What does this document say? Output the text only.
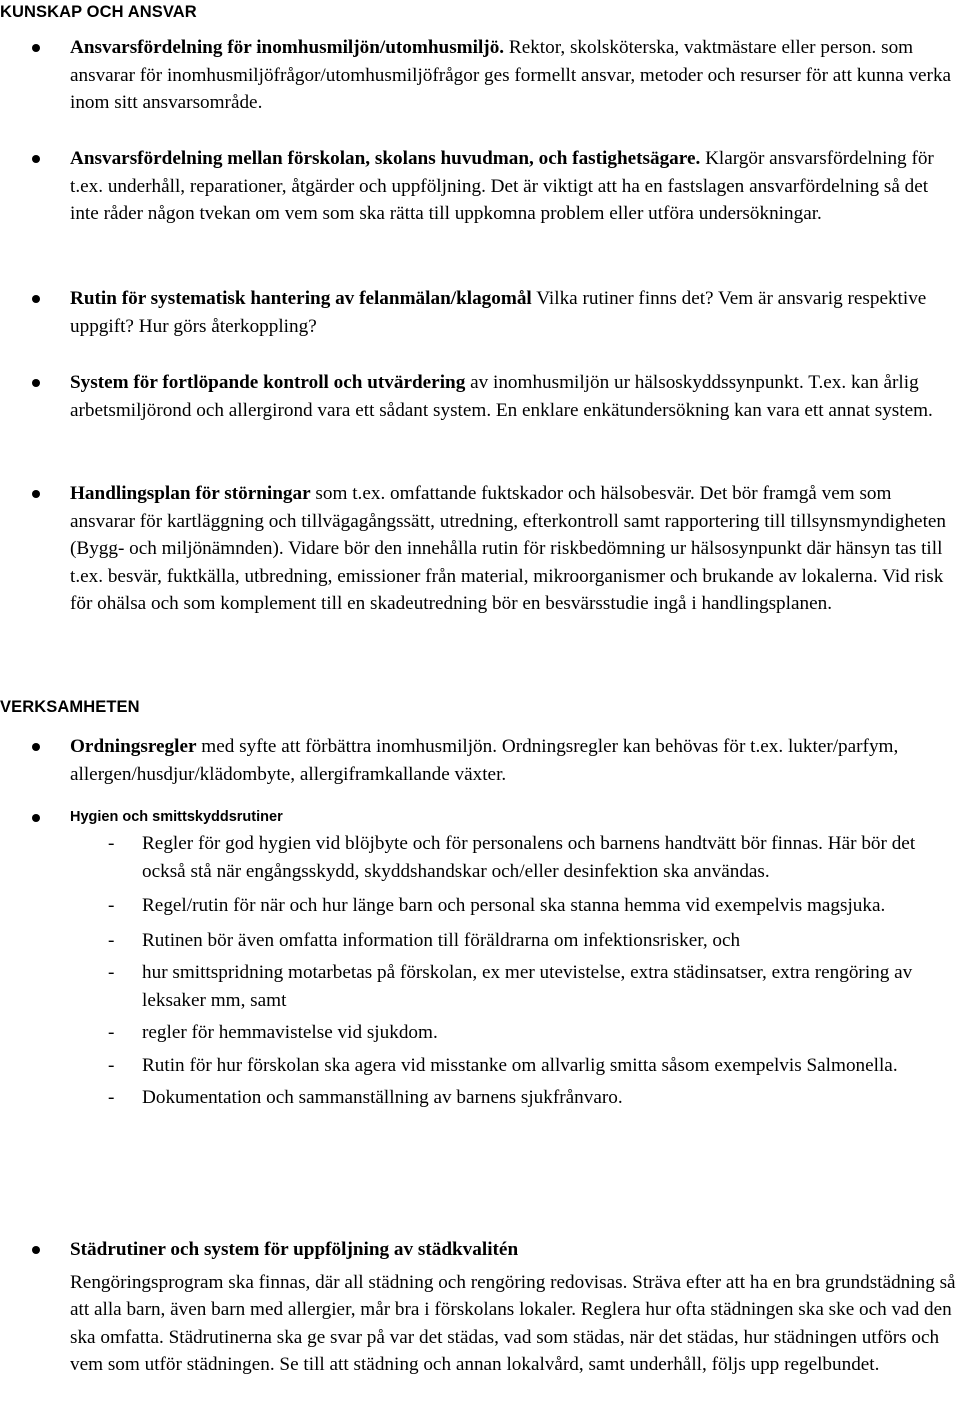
KUNSKAP OCH ANSVAR

Ansvarsfördelning för inomhusmiljön/utomhusmiljö. Rektor, skolsköterska, vaktmästare eller person. som ansvarar för inomhusmiljöfrågor/utomhusmiljöfrågor ges formellt ansvar, metoder och resurser för att kunna verka inom sitt ansvarsområde.

Ansvarsfördelning mellan förskolan, skolans huvudman, och fastighetsägare. Klargör ansvarsfördelning för t.ex. underhåll, reparationer, åtgärder och uppföljning. Det är viktigt att ha en fastslagen ansvarfördelning så det inte råder någon tvekan om vem som ska rätta till uppkomna problem eller utföra undersökningar.

Rutin för systematisk hantering av felanmälan/klagomål Vilka rutiner finns det? Vem är ansvarig respektive uppgift? Hur görs återkoppling?

System för fortlöpande kontroll och utvärdering av inomhusmiljön ur hälsoskyddssynpunkt. T.ex. kan årlig arbetsmiljörond och allergirond vara ett sådant system. En enklare enkätundersökning kan vara ett annat system.

Handlingsplan för störningar som t.ex. omfattande fuktskador och hälsobesvär. Det bör framgå vem som ansvarar för kartläggning och tillvägagångssätt, utredning, efterkontroll samt rapportering till tillsynsmyndigheten (Bygg- och miljönämnden). Vidare bör den innehålla rutin för riskbedömning ur hälsosynpunkt där hänsyn tas till t.ex. besvär, fuktkälla, utbredning, emissioner från material, mikroorganismer och brukande av lokalerna. Vid risk för ohälsa och som komplement till en skadeutredning bör en besvärsstudie ingå i handlingsplanen.

VERKSAMHETEN

Ordningsregler med syfte att förbättra inomhusmiljön. Ordningsregler kan behövas för t.ex. lukter/parfym, allergen/husdjur/klädombyte, allergiframkallande växter.

Hygien och smittskyddsrutiner
- Regler för god hygien vid blöjbyte och för personalens och barnens handtvätt bör finnas. Här bör det också stå när engångsskydd, skyddshandskar och/eller desinfektion ska användas.
- Regel/rutin för när och hur länge barn och personal ska stanna hemma vid exempelvis magsjuka.
- Rutinen bör även omfatta information till föräldrarna om infektionsrisker, och
- hur smittspridning motarbetas på förskolan, ex mer utevistelse, extra städinsatser, extra rengöring av leksaker mm, samt
- regler för hemmavistelse vid sjukdom.
- Rutin för hur förskolan ska agera vid misstanke om allvarlig smitta såsom exempelvis Salmonella.
- Dokumentation och sammanställning av barnens sjukfrånvaro.

Städrutiner och system för uppföljning av städkvalitén

Rengöringsprogram ska finnas, där all städning och rengöring redovisas. Sträva efter att ha en bra grundstädning så att alla barn, även barn med allergier, mår bra i förskolans lokaler. Reglera hur ofta städningen ska ske och vad den ska omfatta. Städrutinerna ska ge svar på var det städas, vad som städas, när det städas, hur städningen utförs och vem som utför städningen. Se till att städning och annan lokalvård, samt underhåll, följs upp regelbundet.
